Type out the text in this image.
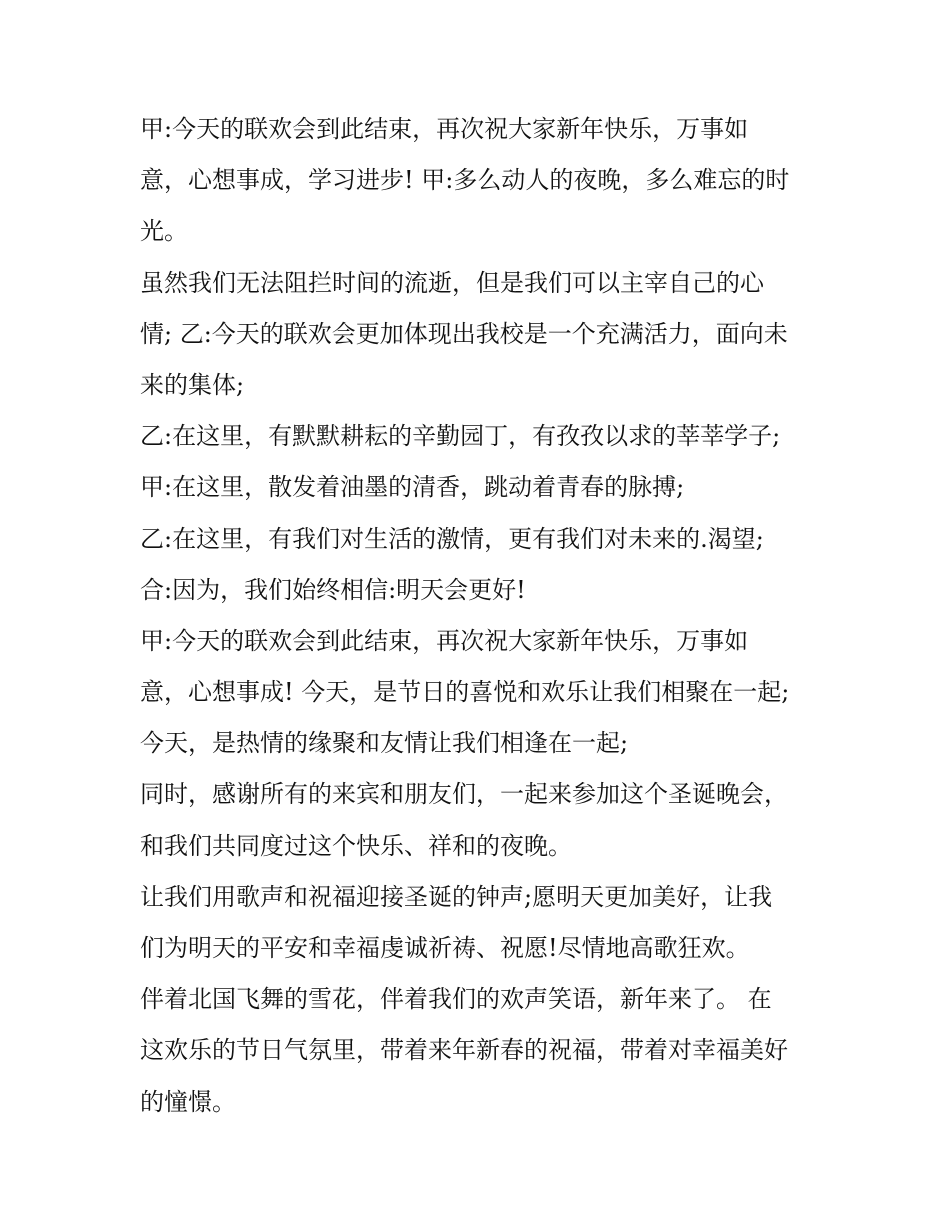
甲:今天的联欢会到此结束，再次祝大家新年快乐，万事如
意，心想事成，学习进步! 甲:多么动人的夜晚，多么难忘的时
光。
虽然我们无法阻拦时间的流逝，但是我们可以主宰自己的心
情; 乙:今天的联欢会更加体现出我校是一个充满活力，面向未
来的集体;
乙:在这里，有默默耕耘的辛勤园丁，有孜孜以求的莘莘学子;
甲:在这里，散发着油墨的清香，跳动着青春的脉搏;
乙:在这里，有我们对生活的激情，更有我们对未来的.渴望;
合:因为，我们始终相信:明天会更好!
甲:今天的联欢会到此结束，再次祝大家新年快乐，万事如
意，心想事成! 今天，是节日的喜悦和欢乐让我们相聚在一起;
今天，是热情的缘聚和友情让我们相逢在一起;
同时，感谢所有的来宾和朋友们，一起来参加这个圣诞晚会，
和我们共同度过这个快乐、祥和的夜晚。
让我们用歌声和祝福迎接圣诞的钟声;愿明天更加美好，让我
们为明天的平安和幸福虔诚祈祷、祝愿!尽情地高歌狂欢。
伴着北国飞舞的雪花，伴着我们的欢声笑语，新年来了。 在
这欢乐的节日气氛里，带着来年新春的祝福，带着对幸福美好
的憧憬。
